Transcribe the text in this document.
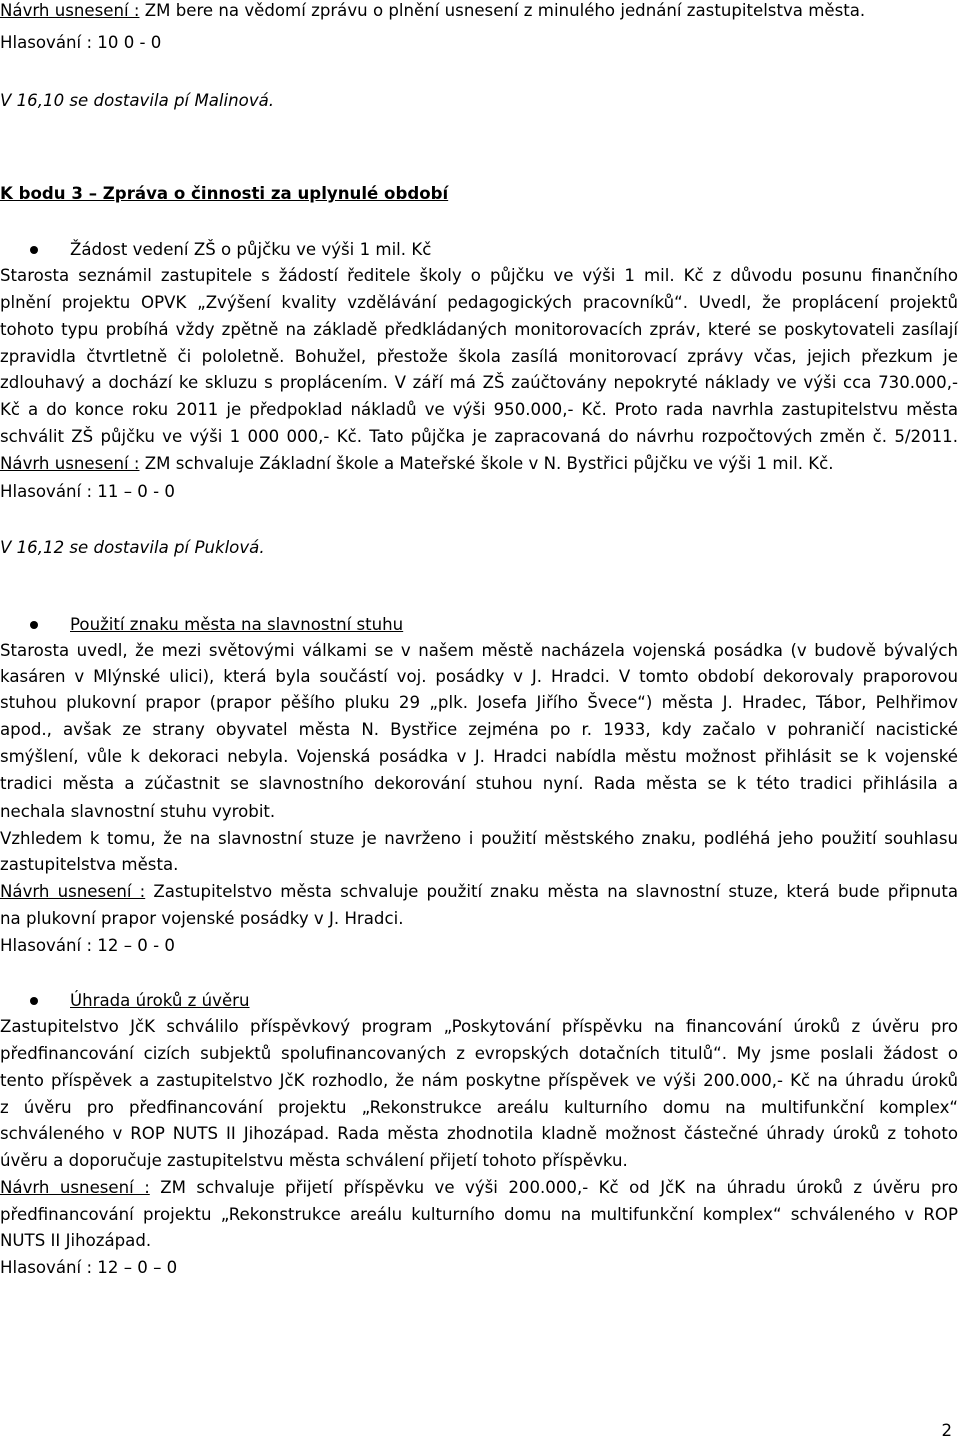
Návrh usnesení : ZM bere na vědomí zprávu o plnění usnesení z minulého jednání zastupitelstva města.
Hlasování : 10 0 - 0
V 16,10 se dostavila pí Malinová.
K bodu 3 – Zpráva o činnosti za uplynulé období
Žádost vedení ZŠ o půjčku ve výši 1 mil. Kč
Starosta seznámil zastupitele s žádostí ředitele školy o půjčku ve výši 1 mil. Kč z důvodu posunu finančního
plnění projektu OPVK „Zvýšení kvality vzdělávání pedagogických pracovníků“. Uvedl, že proplácení projektů
tohoto typu probíhá vždy zpětně na základě předkládaných monitorovacích zpráv, které se poskytovateli zasílají
zpravidla čtvrtletně či pololetně. Bohužel, přestože škola zasílá monitorovací zprávy včas, jejich přezkum je
zdlouhavý a dochází ke skluzu s proplácením. V září má ZŠ zaúčtovány nepokryté náklady ve výši cca 730.000,-
Kč a do konce roku 2011 je předpoklad nákladů ve výši 950.000,- Kč. Proto rada navrhla zastupitelstvu města
schválit ZŠ půjčku ve výši 1 000 000,- Kč. Tato půjčka je zapracovaná do návrhu rozpočtových změn č. 5/2011.
Návrh usnesení : ZM schvaluje Základní škole a Mateřské škole v N. Bystřici půjčku ve výši 1 mil. Kč.
Hlasování : 11 – 0 - 0
V 16,12 se dostavila pí Puklová.
Použití znaku města na slavnostní stuhu
Starosta uvedl, že mezi světovými válkami se v našem městě nacházela vojenská posádka (v budově bývalých
kasáren v Mlýnské ulici), která byla součástí voj. posádky v J. Hradci. V tomto období dekorovaly praporovou
stuhou plukovní prapor (prapor pěšího pluku 29 „plk. Josefa Jiřího Švece“) města J. Hradec, Tábor, Pelhřimov
apod., avšak ze strany obyvatel města N. Bystřice zejména po r. 1933, kdy začalo v pohraničí nacistické
smýšlení, vůle k dekoraci nebyla. Vojenská posádka v J. Hradci nabídla městu možnost přihlásit se k vojenské
tradici města a zúčastnit se slavnostního dekorování stuhou nyní. Rada města se k této tradici přihlásila a
nechala slavnostní stuhu vyrobit.
Vzhledem k tomu, že na slavnostní stuze je navrženo i použití městského znaku, podléhá jeho použití souhlasu
zastupitelstva města.
Návrh usnesení : Zastupitelstvo města schvaluje použití znaku města na slavnostní stuze, která bude připnuta
na plukovní prapor vojenské posádky v J. Hradci.
Hlasování : 12 – 0 - 0
Úhrada úroků z úvěru
Zastupitelstvo JčK schválilo příspěvkový program „Poskytování příspěvku na financování úroků z úvěru pro
předfinancování cizích subjektů spolufinancovaných z evropských dotačních titulů“. My jsme poslali žádost o
tento příspěvek a zastupitelstvo JčK rozhodlo, že nám poskytne příspěvek ve výši 200.000,- Kč na úhradu úroků
z úvěru pro předfinancování projektu „Rekonstrukce areálu kulturního domu na multifunkční komplex“
schváleného v ROP NUTS II Jihozápad. Rada města zhodnotila kladně možnost částečné úhrady úroků z tohoto
úvěru a doporučuje zastupitelstvu města schválení přijetí tohoto příspěvku.
Návrh usnesení : ZM schvaluje přijetí příspěvku ve výši 200.000,- Kč od JčK na úhradu úroků z úvěru pro
předfinancování projektu „Rekonstrukce areálu kulturního domu na multifunkční komplex“ schváleného v ROP
NUTS II Jihozápad.
Hlasování : 12 – 0 – 0
2
